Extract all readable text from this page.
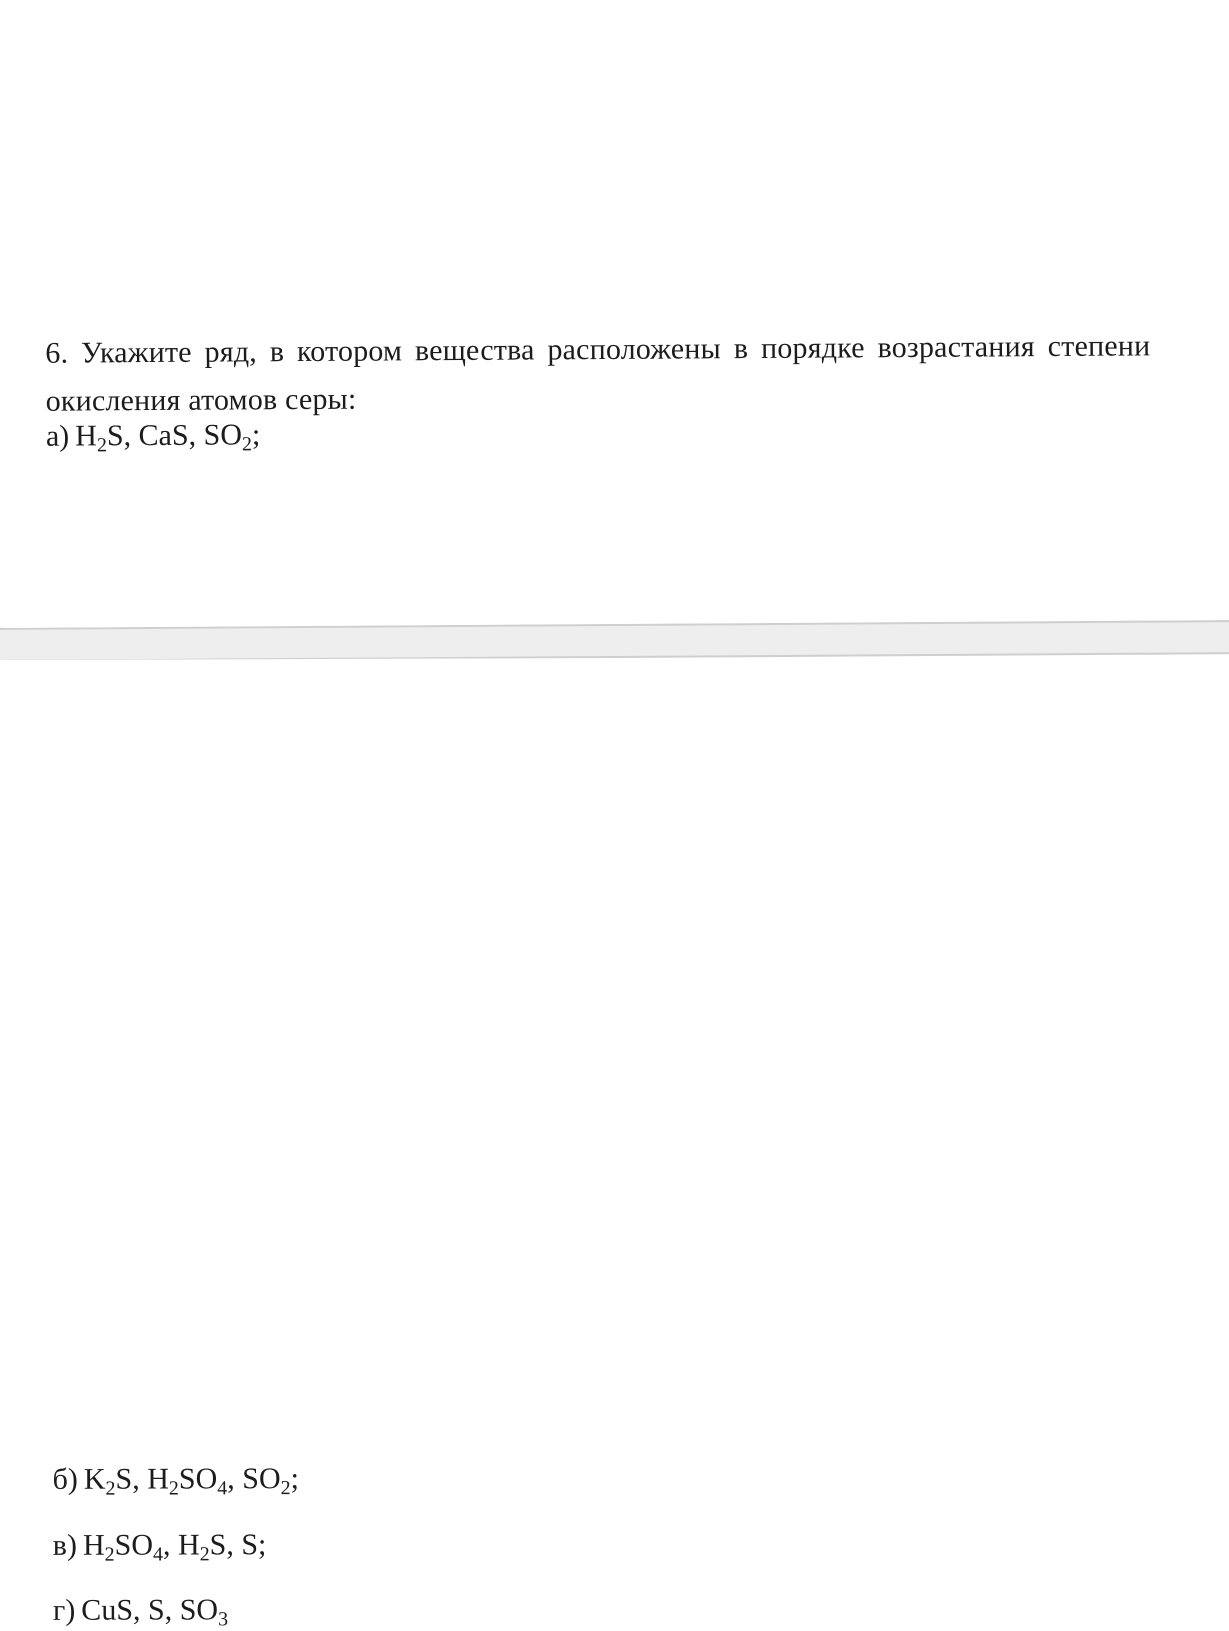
6. Укажите ряд, в котором вещества расположены в порядке возрастания степени окисления атомов серы:

а) $H_2S$, CaS, $SO_2$;
б) $K_2S$, $H_2SO_4$, $SO_2$;
в) $H_2SO_4$, $H_2S$, S;
г) CuS, S, $SO_3$
